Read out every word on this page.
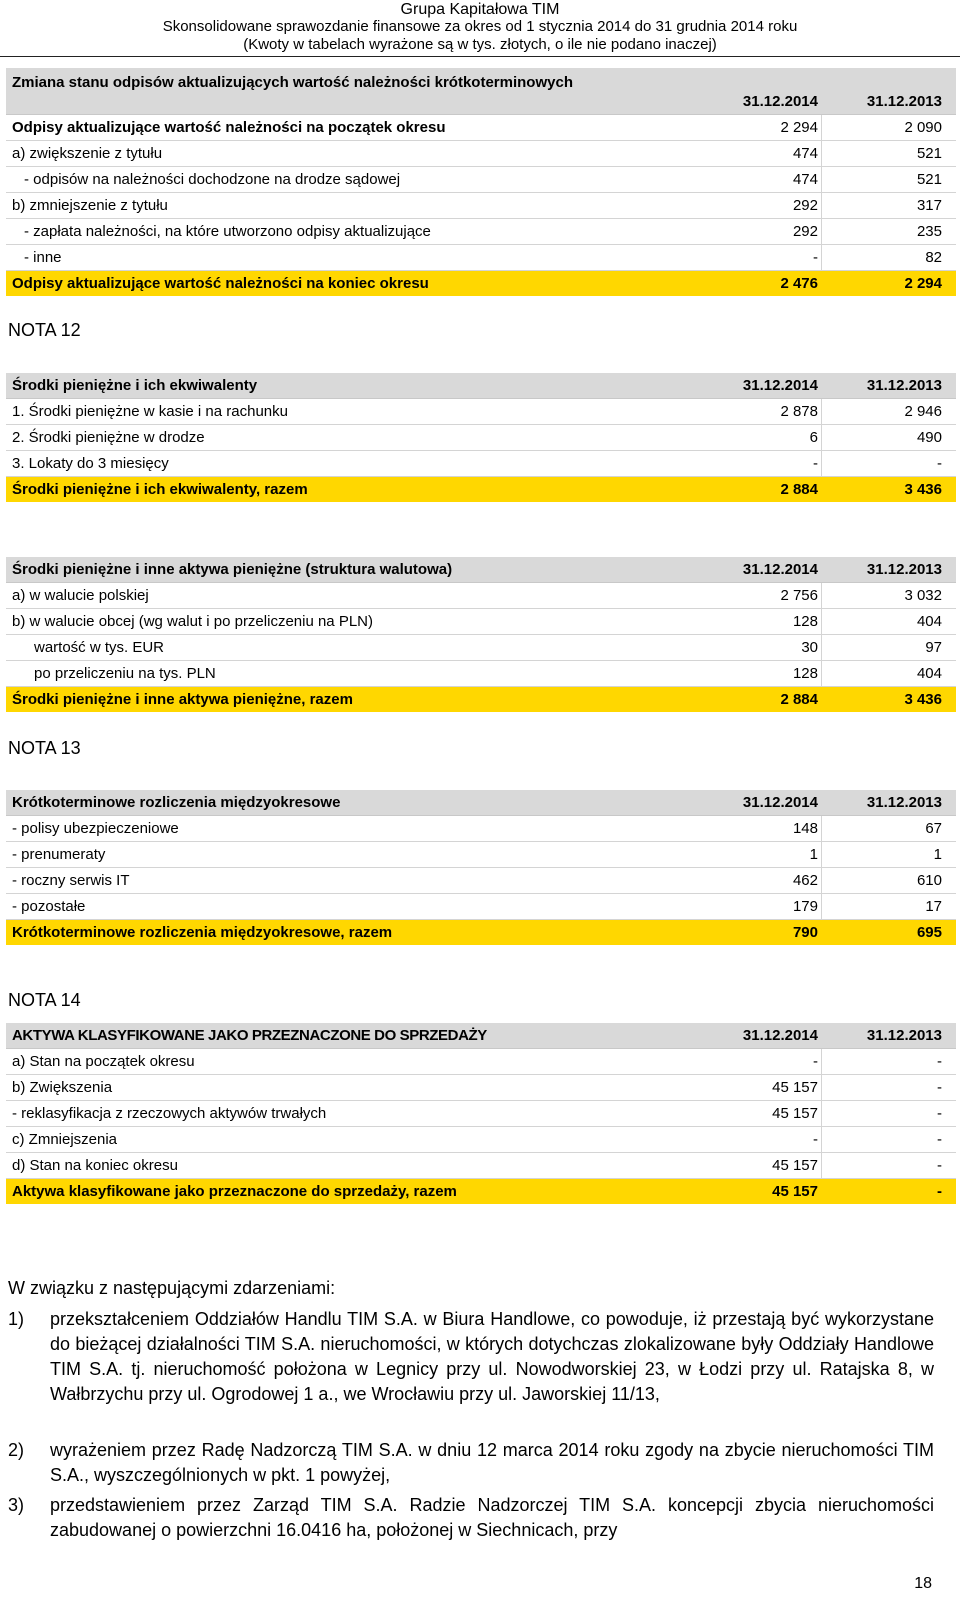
Grupa Kapitałowa TIM
Skonsolidowane sprawozdanie finansowe za okres od 1 stycznia 2014 do 31 grudnia 2014 roku
(Kwoty w tabelach wyrażone są w tys. złotych, o ile nie podano inaczej)
Zmiana stanu odpisów aktualizujących wartość należności krótkoterminowych
31.12.2014	31.12.2013
Odpisy aktualizujące wartość należności na początek okresu	2 294	2 090
a) zwiększenie z tytułu	474	521
- odpisów na należności dochodzone na drodze sądowej	474	521
b) zmniejszenie z tytułu	292	317
- zapłata należności, na które utworzono odpisy aktualizujące	292	235
- inne	-	82
Odpisy aktualizujące wartość należności na koniec okresu	2 476	2 294
NOTA 12
Środki pieniężne i ich ekwiwalenty	31.12.2014	31.12.2013
1. Środki pieniężne w kasie i na rachunku	2 878	2 946
2. Środki pieniężne w drodze	6	490
3. Lokaty do 3 miesięcy	-	-
Środki pieniężne i ich ekwiwalenty, razem	2 884	3 436
Środki pieniężne i inne aktywa pieniężne (struktura walutowa)	31.12.2014	31.12.2013
a) w walucie polskiej	2 756	3 032
b) w walucie obcej (wg walut i po przeliczeniu na PLN)	128	404
wartość w tys. EUR	30	97
po przeliczeniu na tys. PLN	128	404
Środki pieniężne i inne aktywa pieniężne, razem	2 884	3 436
NOTA 13
Krótkoterminowe rozliczenia międzyokresowe	31.12.2014	31.12.2013
- polisy ubezpieczeniowe	148	67
- prenumeraty	1	1
- roczny serwis IT	462	610
- pozostałe	179	17
Krótkoterminowe rozliczenia międzyokresowe, razem	790	695
NOTA 14
AKTYWA KLASYFIKOWANE JAKO PRZEZNACZONE DO SPRZEDAŻY	31.12.2014	31.12.2013
a) Stan na początek okresu	-	-
b) Zwiększenia	45 157	-
- reklasyfikacja z rzeczowych aktywów trwałych	45 157	-
c) Zmniejszenia	-	-
d) Stan na koniec okresu	45 157	-
Aktywa klasyfikowane jako przeznaczone do sprzedaży, razem	45 157	-
W związku z następującymi zdarzeniami:
1) przekształceniem Oddziałów Handlu TIM S.A. w Biura Handlowe, co powoduje, iż przestają być wykorzystane do bieżącej działalności TIM S.A. nieruchomości, w których dotychczas zlokalizowane były Oddziały Handlowe TIM S.A. tj. nieruchomość położona w Legnicy przy ul. Nowodworskiej 23, w Łodzi przy ul. Ratajska 8, w Wałbrzychu przy ul. Ogrodowej 1 a., we Wrocławiu przy ul. Jaworskiej 11/13,
2) wyrażeniem przez Radę Nadzorczą TIM S.A. w dniu 12 marca 2014 roku zgody na zbycie nieruchomości TIM S.A., wyszczególnionych w pkt. 1 powyżej,
3) przedstawieniem przez Zarząd TIM S.A. Radzie Nadzorczej TIM S.A. koncepcji zbycia nieruchomości zabudowanej o powierzchni 16.0416 ha, położonej w Siechnicach, przy
18
